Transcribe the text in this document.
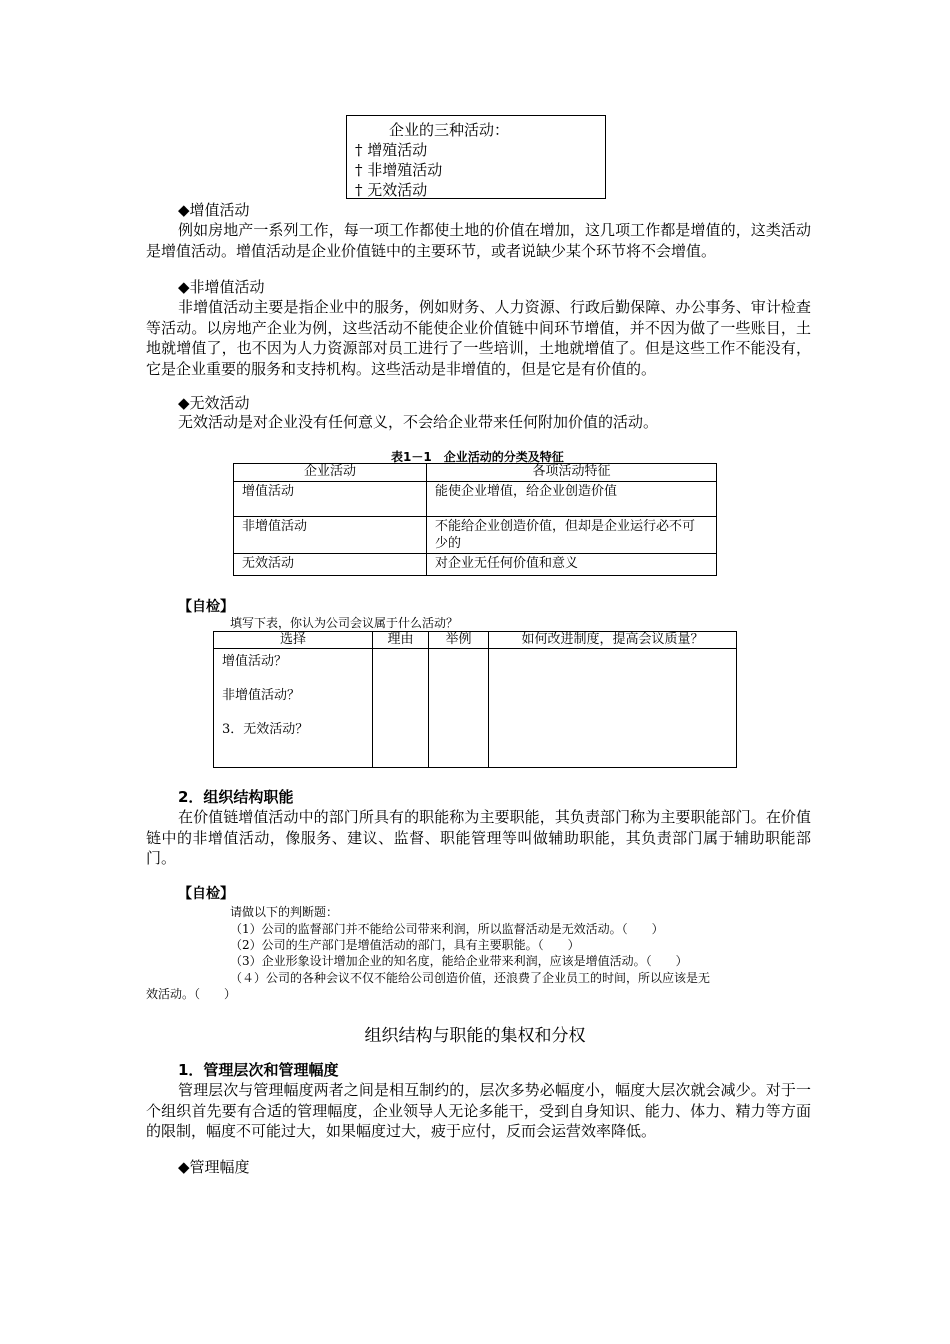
企业的三种活动：
† 增殖活动
† 非增殖活动
† 无效活动
◆增值活动
例如房地产一系列工作，每一项工作都使土地的价值在增加，这几项工作都是增值的，这类活动是增值活动。增值活动是企业价值链中的主要环节，或者说缺少某个环节将不会增值。
◆非增值活动
非增值活动主要是指企业中的服务，例如财务、人力资源、行政后勤保障、办公事务、审计检查等活动。以房地产企业为例，这些活动不能使企业价值链中间环节增值，并不因为做了一些账目，土地就增值了，也不因为人力资源部对员工进行了一些培训，土地就增值了。但是这些工作不能没有，它是企业重要的服务和支持机构。这些活动是非增值的，但是它是有价值的。
◆无效活动
无效活动是对企业没有任何意义，不会给企业带来任何附加价值的活动。
表1－1　企业活动的分类及特征
企业活动	各项活动特征
增值活动	能使企业增值，给企业创造价值
非增值活动	不能给企业创造价值，但却是企业运行必不可少的
无效活动	对企业无任何价值和意义
【自检】
填写下表，你认为公司会议属于什么活动？
选择	理由	举例	如何改进制度，提高会议质量？

增值活动？
非增值活动？
3．无效活动？			

2．组织结构职能
在价值链增值活动中的部门所具有的职能称为主要职能，其负责部门称为主要职能部门。在价值链中的非增值活动，像服务、建议、监督、职能管理等叫做辅助职能，其负责部门属于辅助职能部门。
【自检】
请做以下的判断题：
（1）公司的监督部门并不能给公司带来利润，所以监督活动是无效活动。（　　）
（2）公司的生产部门是增值活动的部门，具有主要职能。（　　）
（3）企业形象设计增加企业的知名度，能给企业带来利润，应该是增值活动。（　　）
（４）公司的各种会议不仅不能给公司创造价值，还浪费了企业员工的时间，所以应该是无
效活动。（　　）
组织结构与职能的集权和分权
1．管理层次和管理幅度
管理层次与管理幅度两者之间是相互制约的，层次多势必幅度小，幅度大层次就会减少。对于一个组织首先要有合适的管理幅度，企业领导人无论多能干，受到自身知识、能力、体力、精力等方面的限制，幅度不可能过大，如果幅度过大，疲于应付，反而会运营效率降低。
◆管理幅度
